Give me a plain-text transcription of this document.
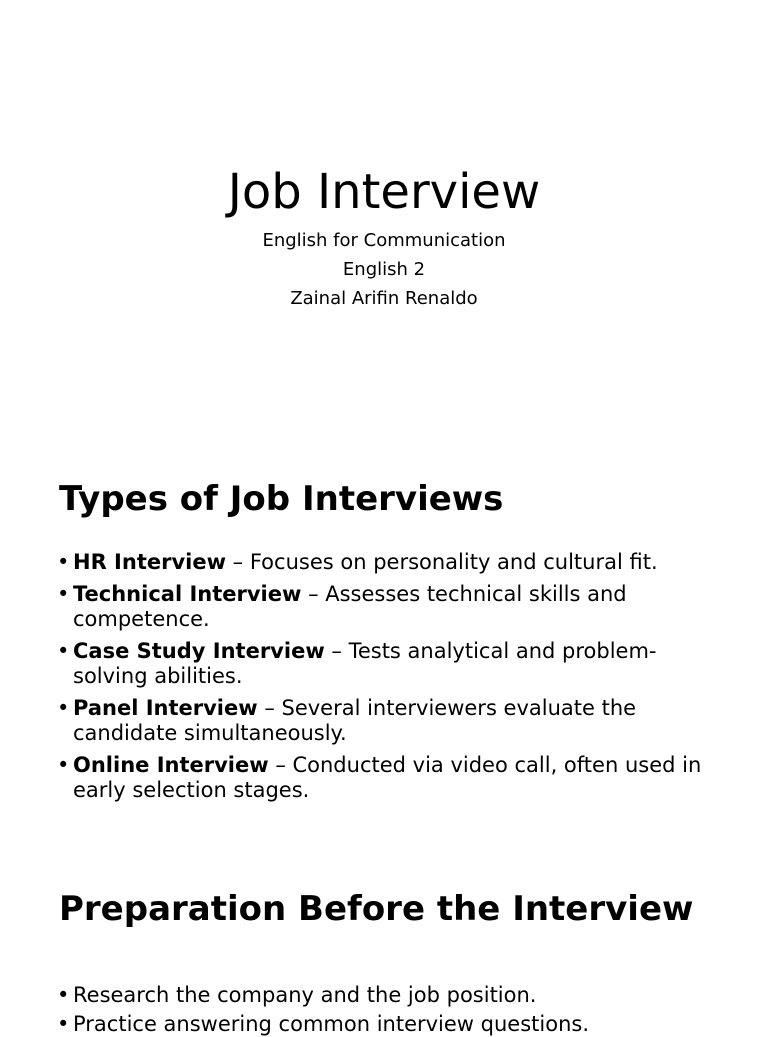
Job Interview
English for Communication
English 2
Zainal Arifin Renaldo
Types of Job Interviews
• HR Interview – Focuses on personality and cultural fit.
• Technical Interview – Assesses technical skills and competence.
• Case Study Interview – Tests analytical and problem-solving abilities.
• Panel Interview – Several interviewers evaluate the candidate simultaneously.
• Online Interview – Conducted via video call, often used in early selection stages.
Preparation Before the Interview
• Research the company and the job position.
• Practice answering common interview questions.
